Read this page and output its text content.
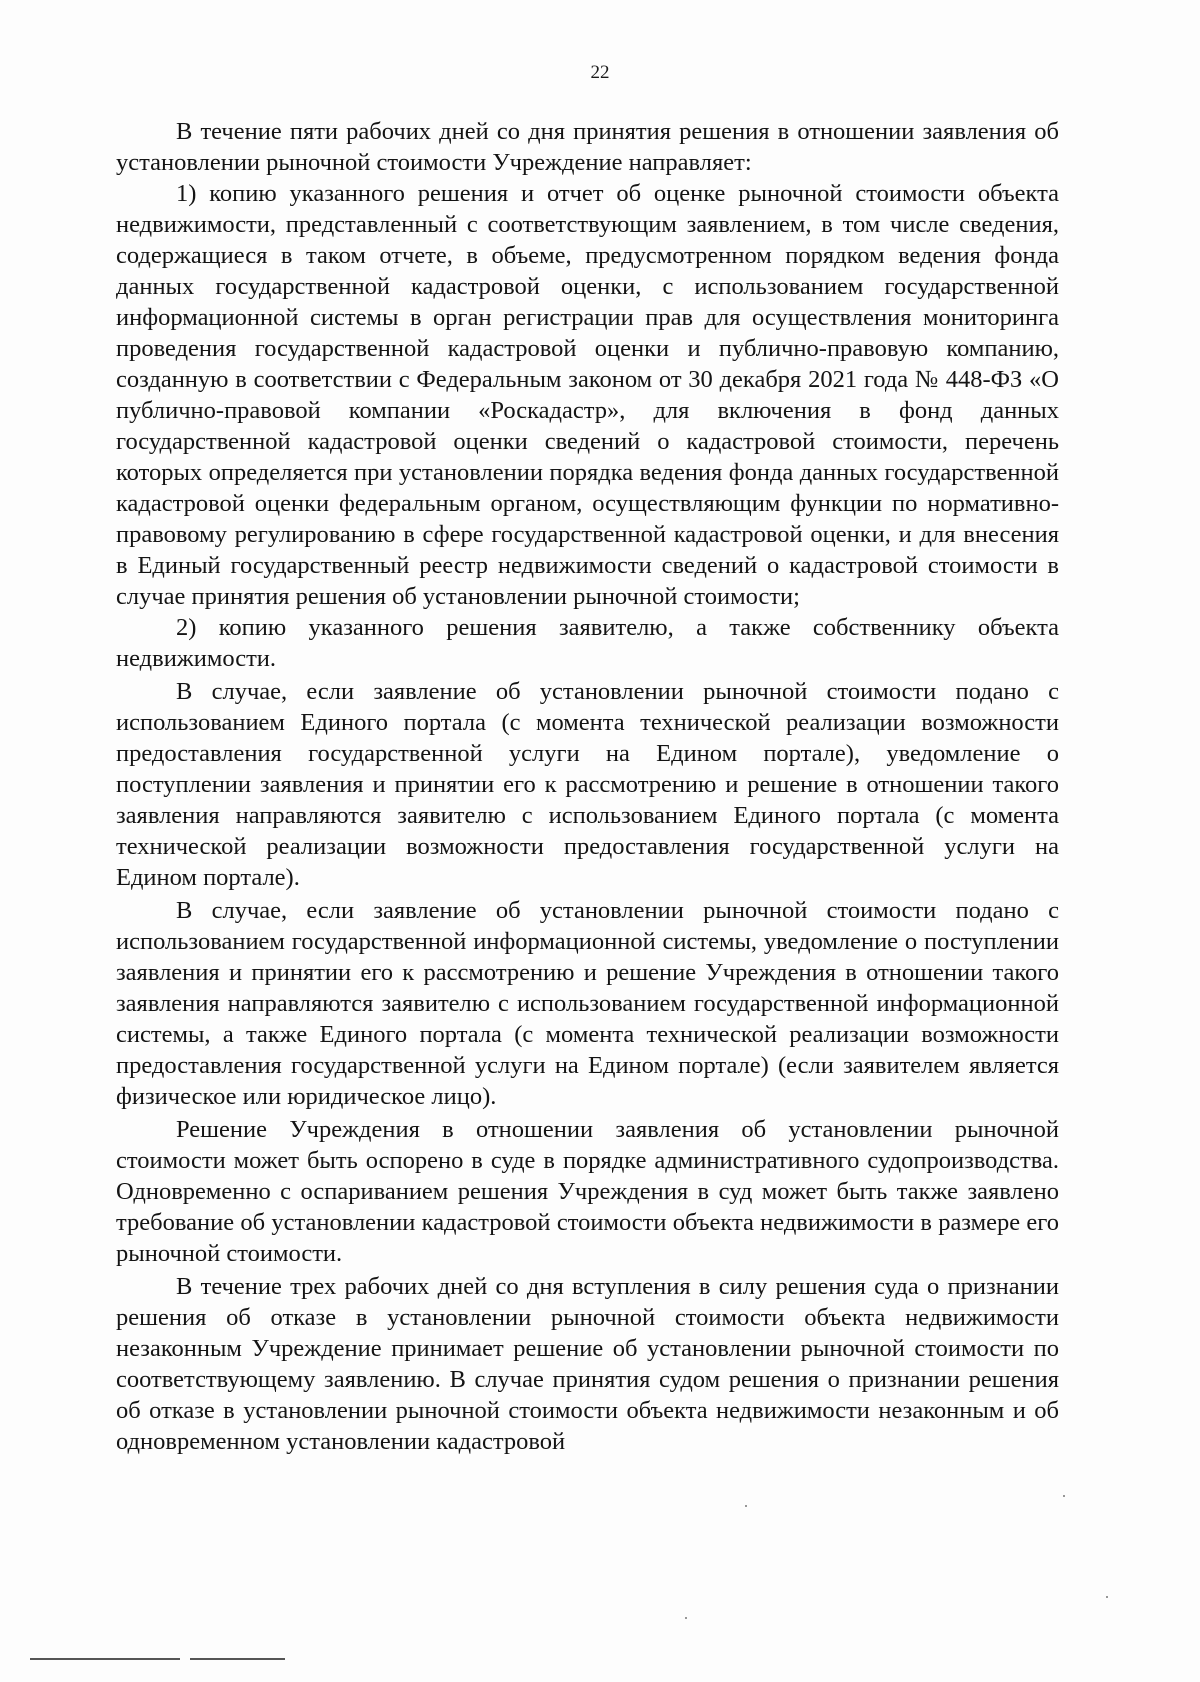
22

В течение пяти рабочих дней со дня принятия решения в отношении заявления об установлении рыночной стоимости Учреждение направляет:

1) копию указанного решения и отчет об оценке рыночной стоимости объекта недвижимости, представленный с соответствующим заявлением, в том числе сведения, содержащиеся в таком отчете, в объеме, предусмотренном порядком ведения фонда данных государственной кадастровой оценки, с использованием государственной информационной системы в орган регистрации прав для осуществления мониторинга проведения государственной кадастровой оценки и публично-правовую компанию, созданную в соответствии с Федеральным законом от 30 декабря 2021 года № 448-ФЗ «О публично-правовой компании «Роскадастр», для включения в фонд данных государственной кадастровой оценки сведений о кадастровой стоимости, перечень которых определяется при установлении порядка ведения фонда данных государственной кадастровой оценки федеральным органом, осуществляющим функции по нормативно-правовому регулированию в сфере государственной кадастровой оценки, и для внесения в Единый государственный реестр недвижимости сведений о кадастровой стоимости в случае принятия решения об установлении рыночной стоимости;

2) копию указанного решения заявителю, а также собственнику объекта недвижимости.

В случае, если заявление об установлении рыночной стоимости подано с использованием Единого портала (с момента технической реализации возможности предоставления государственной услуги на Едином портале), уведомление о поступлении заявления и принятии его к рассмотрению и решение в отношении такого заявления направляются заявителю с использованием Единого портала (с момента технической реализации возможности предоставления государственной услуги на Едином портале).

В случае, если заявление об установлении рыночной стоимости подано с использованием государственной информационной системы, уведомление о поступлении заявления и принятии его к рассмотрению и решение Учреждения в отношении такого заявления направляются заявителю с использованием государственной информационной системы, а также Единого портала (с момента технической реализации возможности предоставления государственной услуги на Едином портале) (если заявителем является физическое или юридическое лицо).

Решение Учреждения в отношении заявления об установлении рыночной стоимости может быть оспорено в суде в порядке административного судопроизводства. Одновременно с оспариванием решения Учреждения в суд может быть также заявлено требование об установлении кадастровой стоимости объекта недвижимости в размере его рыночной стоимости.

В течение трех рабочих дней со дня вступления в силу решения суда о признании решения об отказе в установлении рыночной стоимости объекта недвижимости незаконным Учреждение принимает решение об установлении рыночной стоимости по соответствующему заявлению. В случае принятия судом решения о признании решения об отказе в установлении рыночной стоимости объекта недвижимости незаконным и об одновременном установлении кадастровой
